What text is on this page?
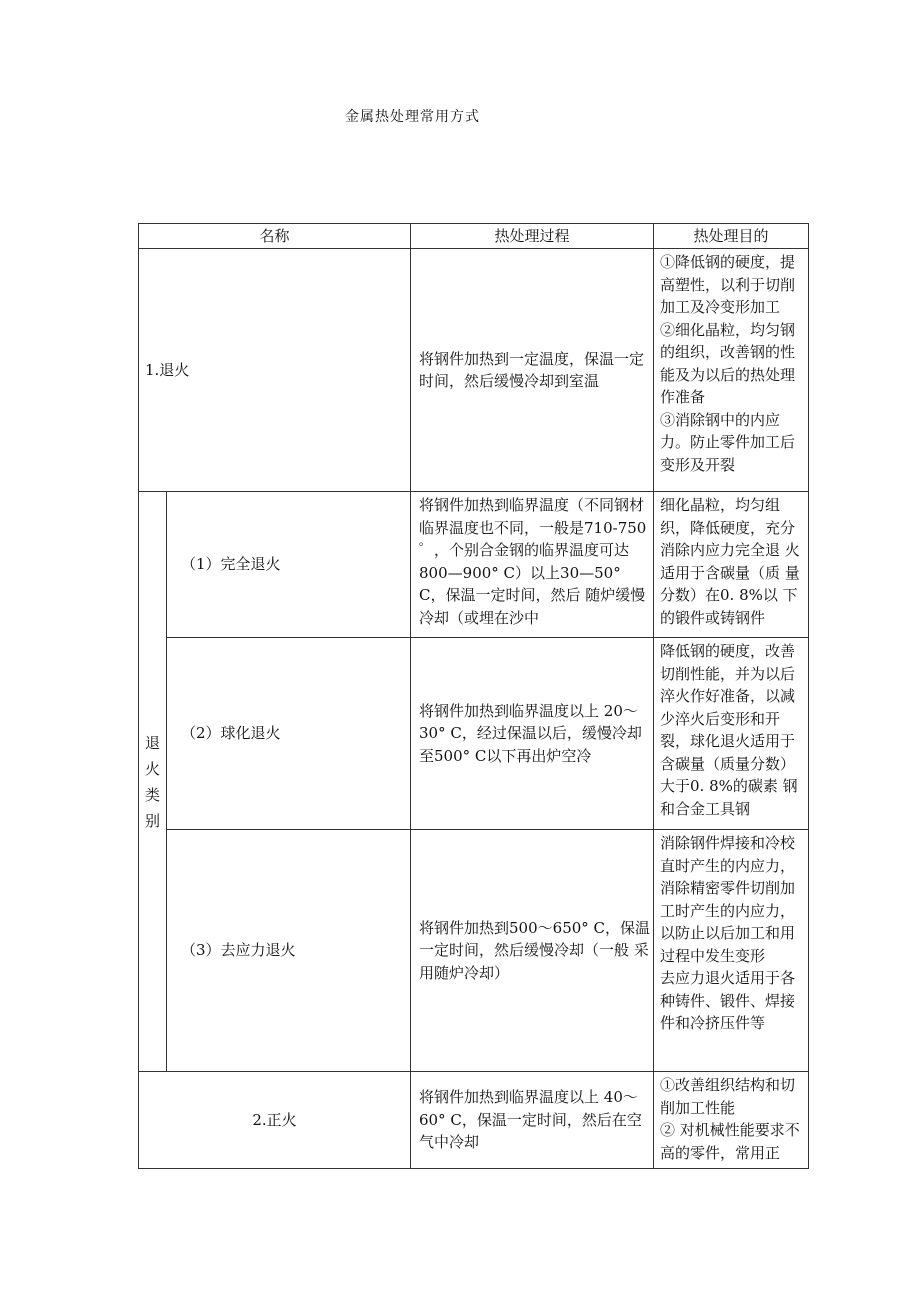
金属热处理常用方式
名称		热处理过程	热处理目的
1.退火		将钢件加热到一定温度，保温一定时间，然后缓慢冷却到室温	①降低钢的硬度，提高塑性，以利于切削加工及冷变形加工
②细化晶粒，均匀钢的组织，改善钢的性能及为以后的热处理作准备
③消除钢中的内应力。防止零件加工后变形及开裂

退火类别	（1）完全退火	将钢件加热到临界温度（不同钢材临界温度也不同，一般是710-750 ゜，个别合金钢的临界温度可达800—900° C）以上30—50° C，保温一定时间，然后 随炉缓慢冷却（或埋在沙中	细化晶粒，均匀组 织，降低硬度，充分 消除内应力完全退 火适用于含碳量（质 量分数）在0. 8%以 下的锻件或铸钢件
	（2）球化退火	将钢件加热到临界温度以上 20～30° C，经过保温以后，缓慢冷却至500° C以下再出炉空冷	降低钢的硬度，改善切削性能，并为以后淬火作好准备，以减少淬火后变形和开裂，球化退火适用于含碳量（质量分数）大于0. 8%的碳素 钢和合金工具钢
	（3）去应力退火	将钢件加热到500～650° C，保温 一定时间，然后缓慢冷却（一般 采用随炉冷却）	消除钢件焊接和冷校直时产生的内应力，消除精密零件切削加工时产生的内应力，以防止以后加工和用过程中发生变形
去应力退火适用于各种铸件、锻件、焊接件和冷挤压件等

2.正火		将钢件加热到临界温度以上 40～60° C，保温一定时间，然后在空气中冷却	①改善组织结构和切削加工性能
② 对机械性能要求不高的零件，常用正
